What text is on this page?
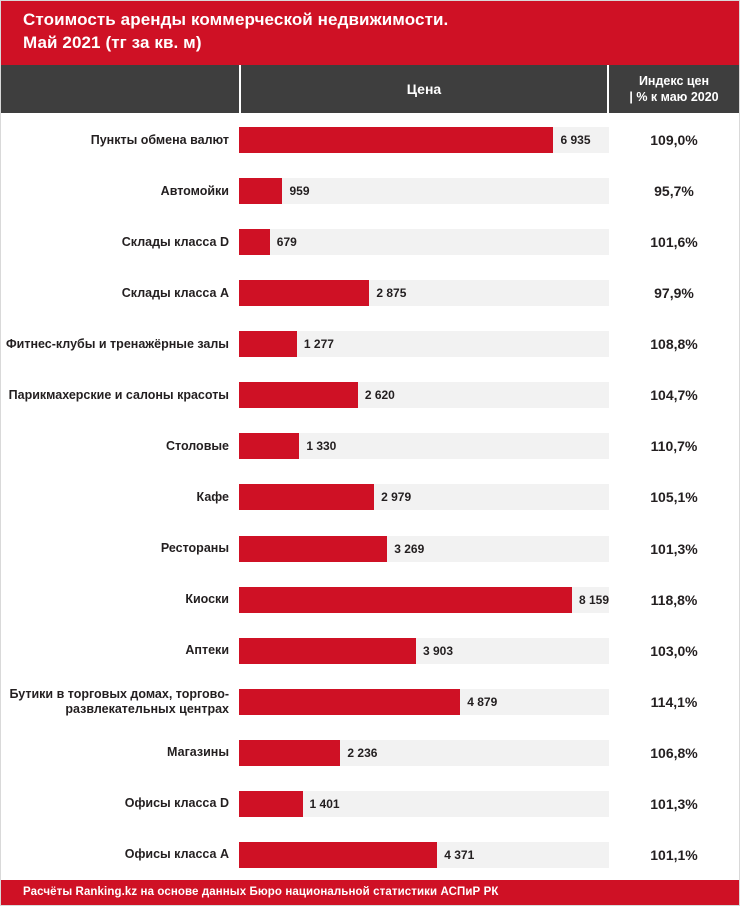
Стоимость аренды коммерческой недвижимости.
Май 2021 (тг за кв. м)
Цена
Индекс цен
| % к маю 2020
Пункты обмена валют	6 935	109,0%
Автомойки	959	95,7%
Склады класса D	679	101,6%
Склады класса A	2 875	97,9%
Фитнес-клубы и тренажёрные залы	1 277	108,8%
Парикмахерские и салоны красоты	2 620	104,7%
Столовые	1 330	110,7%
Кафе	2 979	105,1%
Рестораны	3 269	101,3%
Киоски	8 159	118,8%
Аптеки	3 903	103,0%
Бутики в торговых домах, торгово-
развлекательных центрах	4 879	114,1%
Магазины	2 236	106,8%
Офисы класса D	1 401	101,3%
Офисы класса A	4 371	101,1%
Расчёты Ranking.kz на основе данных Бюро национальной статистики АСПиР РК
